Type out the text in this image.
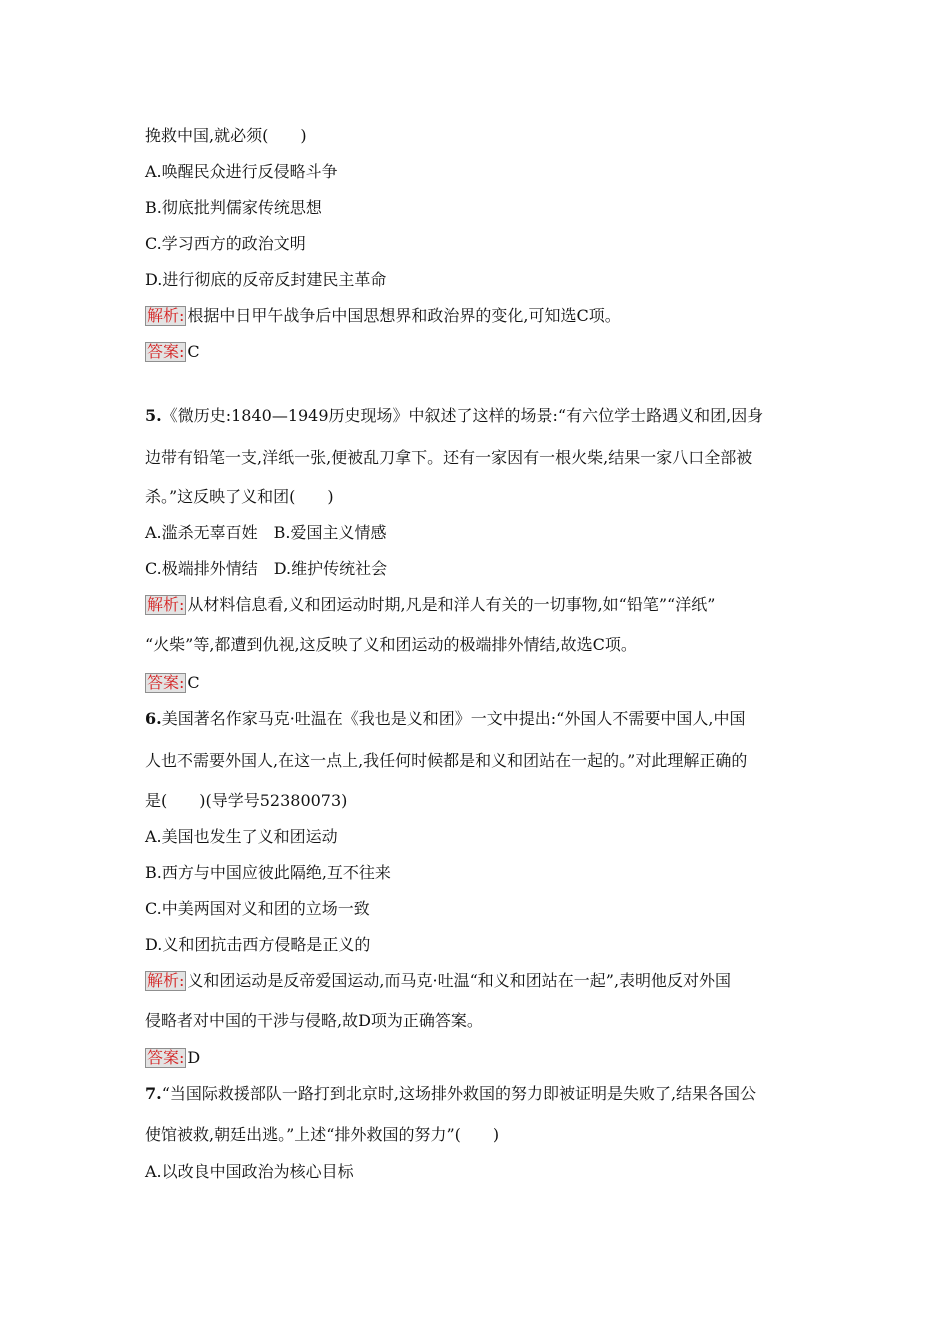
挽救中国,就必须(　　)
A.唤醒民众进行反侵略斗争
B.彻底批判儒家传统思想
C.学习西方的政治文明
D.进行彻底的反帝反封建民主革命
解析: 根据中日甲午战争后中国思想界和政治界的变化,可知选C项。
答案: C
5.《微历史:1840—1949历史现场》中叙述了这样的场景:“有六位学士路遇义和团,因身
边带有铅笔一支,洋纸一张,便被乱刀拿下。还有一家因有一根火柴,结果一家八口全部被
杀。”这反映了义和团(　　)
A.滥杀无辜百姓　B.爱国主义情感
C.极端排外情结　D.维护传统社会
解析: 从材料信息看,义和团运动时期,凡是和洋人有关的一切事物,如“铅笔”“洋纸”
“火柴”等,都遭到仇视,这反映了义和团运动的极端排外情结,故选C项。
答案: C
6.美国著名作家马克·吐温在《我也是义和团》一文中提出:“外国人不需要中国人,中国
人也不需要外国人,在这一点上,我任何时候都是和义和团站在一起的。”对此理解正确的
是(　　)(导学号52380073)
A.美国也发生了义和团运动
B.西方与中国应彼此隔绝,互不往来
C.中美两国对义和团的立场一致
D.义和团抗击西方侵略是正义的
解析: 义和团运动是反帝爱国运动,而马克·吐温“和义和团站在一起”,表明他反对外国
侵略者对中国的干涉与侵略,故D项为正确答案。
答案: D
7.“当国际救援部队一路打到北京时,这场排外救国的努力即被证明是失败了,结果各国公
使馆被救,朝廷出逃。”上述“排外救国的努力”(　　)
A.以改良中国政治为核心目标
